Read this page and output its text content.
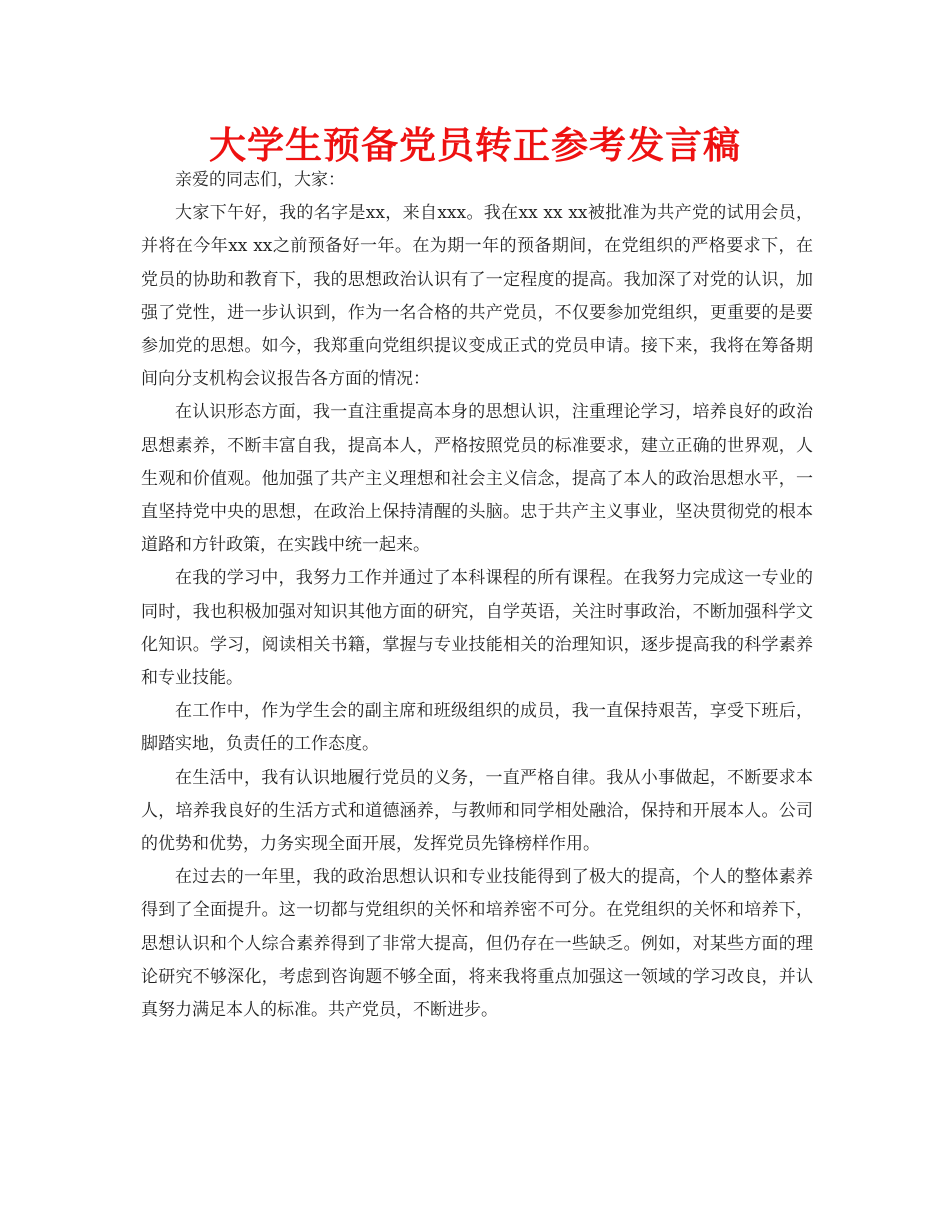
大学生预备党员转正参考发言稿

亲爱的同志们，大家：

大家下午好，我的名字是xx，来自xxx。我在xx xx xx被批准为共产党的试用会员，并将在今年xx xx之前预备好一年。在为期一年的预备期间，在党组织的严格要求下，在党员的协助和教育下，我的思想政治认识有了一定程度的提高。我加深了对党的认识，加强了党性，进一步认识到，作为一名合格的共产党员，不仅要参加党组织，更重要的是要参加党的思想。如今，我郑重向党组织提议变成正式的党员申请。接下来，我将在筹备期间向分支机构会议报告各方面的情况：

在认识形态方面，我一直注重提高本身的思想认识，注重理论学习，培养良好的政治思想素养，不断丰富自我，提高本人，严格按照党员的标准要求，建立正确的世界观，人生观和价值观。他加强了共产主义理想和社会主义信念，提高了本人的政治思想水平，一直坚持党中央的思想，在政治上保持清醒的头脑。忠于共产主义事业，坚决贯彻党的根本道路和方针政策，在实践中统一起来。

在我的学习中，我努力工作并通过了本科课程的所有课程。在我努力完成这一专业的同时，我也积极加强对知识其他方面的研究，自学英语，关注时事政治，不断加强科学文化知识。学习，阅读相关书籍，掌握与专业技能相关的治理知识，逐步提高我的科学素养和专业技能。

在工作中，作为学生会的副主席和班级组织的成员，我一直保持艰苦，享受下班后，脚踏实地，负责任的工作态度。

在生活中，我有认识地履行党员的义务，一直严格自律。我从小事做起，不断要求本人，培养我良好的生活方式和道德涵养，与教师和同学相处融洽，保持和开展本人。公司的优势和优势，力务实现全面开展，发挥党员先锋榜样作用。

在过去的一年里，我的政治思想认识和专业技能得到了极大的提高，个人的整体素养得到了全面提升。这一切都与党组织的关怀和培养密不可分。在党组织的关怀和培养下，思想认识和个人综合素养得到了非常大提高，但仍存在一些缺乏。例如，对某些方面的理论研究不够深化，考虑到咨询题不够全面，将来我将重点加强这一领域的学习改良，并认真努力满足本人的标准。共产党员，不断进步。
